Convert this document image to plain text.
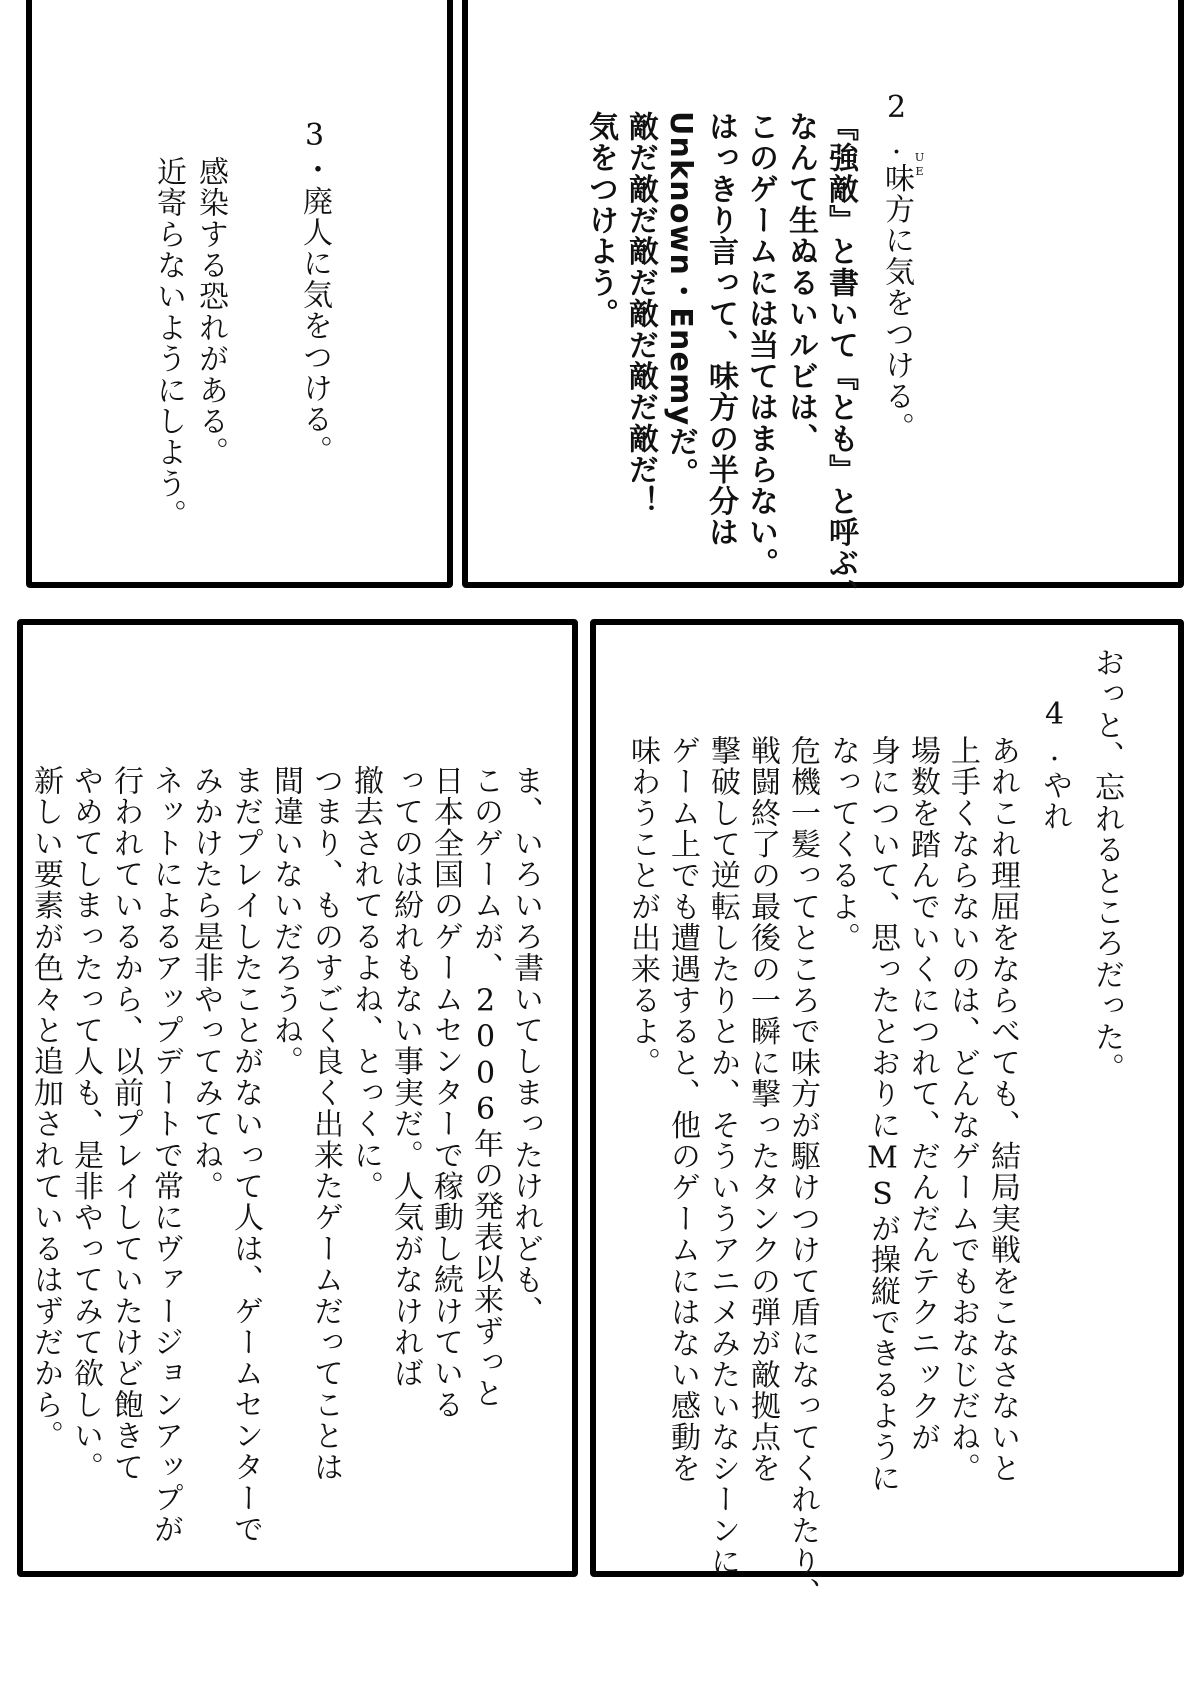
3･廃人に気をつける。
感染する恐れがある。
近寄らないようにしよう。	2.味方に気をつける。 UE
『強敵』と書いて『とも』と呼ぶ、
なんて生ぬるいルビは、
このゲームには当てはまらない。
はっきり言って、味方の半分は
Unknown・Enemyだ。
敵だ敵だ敵だ敵だ敵だ敵だ！
気をつけよう。
おっと、忘れるところだった。
4.やれ
あれこれ理屈をならべても、結局実戦をこなさないと
上手くならないのは、どんなゲームでもおなじだね。
場数を踏んでいくにつれて、だんだんテクニックが
身について、思ったとおりにMSが操縦できるように
なってくるよ。
危機一髪ってところで味方が駆けつけて盾になってくれたり、
戦闘終了の最後の一瞬に撃ったタンクの弾が敵拠点を
撃破して逆転したりとか、そういうアニメみたいなシーンに
ゲーム上でも遭遇すると、他のゲームにはない感動を
味わうことが出来るよ。
ま、いろいろ書いてしまったけれども、
このゲームが、2006年の発表以来ずっと
日本全国のゲームセンターで稼動し続けている
ってのは紛れもない事実だ。人気がなければ
撤去されてるよね、とっくに。
つまり、ものすごく良く出来たゲームだってことは
間違いないだろうね。
まだプレイしたことがないって人は、ゲームセンターで
みかけたら是非やってみてね。
ネットによるアップデートで常にヴァージョンアップが
行われているから、以前プレイしていたけど飽きて
やめてしまったって人も、是非やってみて欲しい。
新しい要素が色々と追加されているはずだから。
